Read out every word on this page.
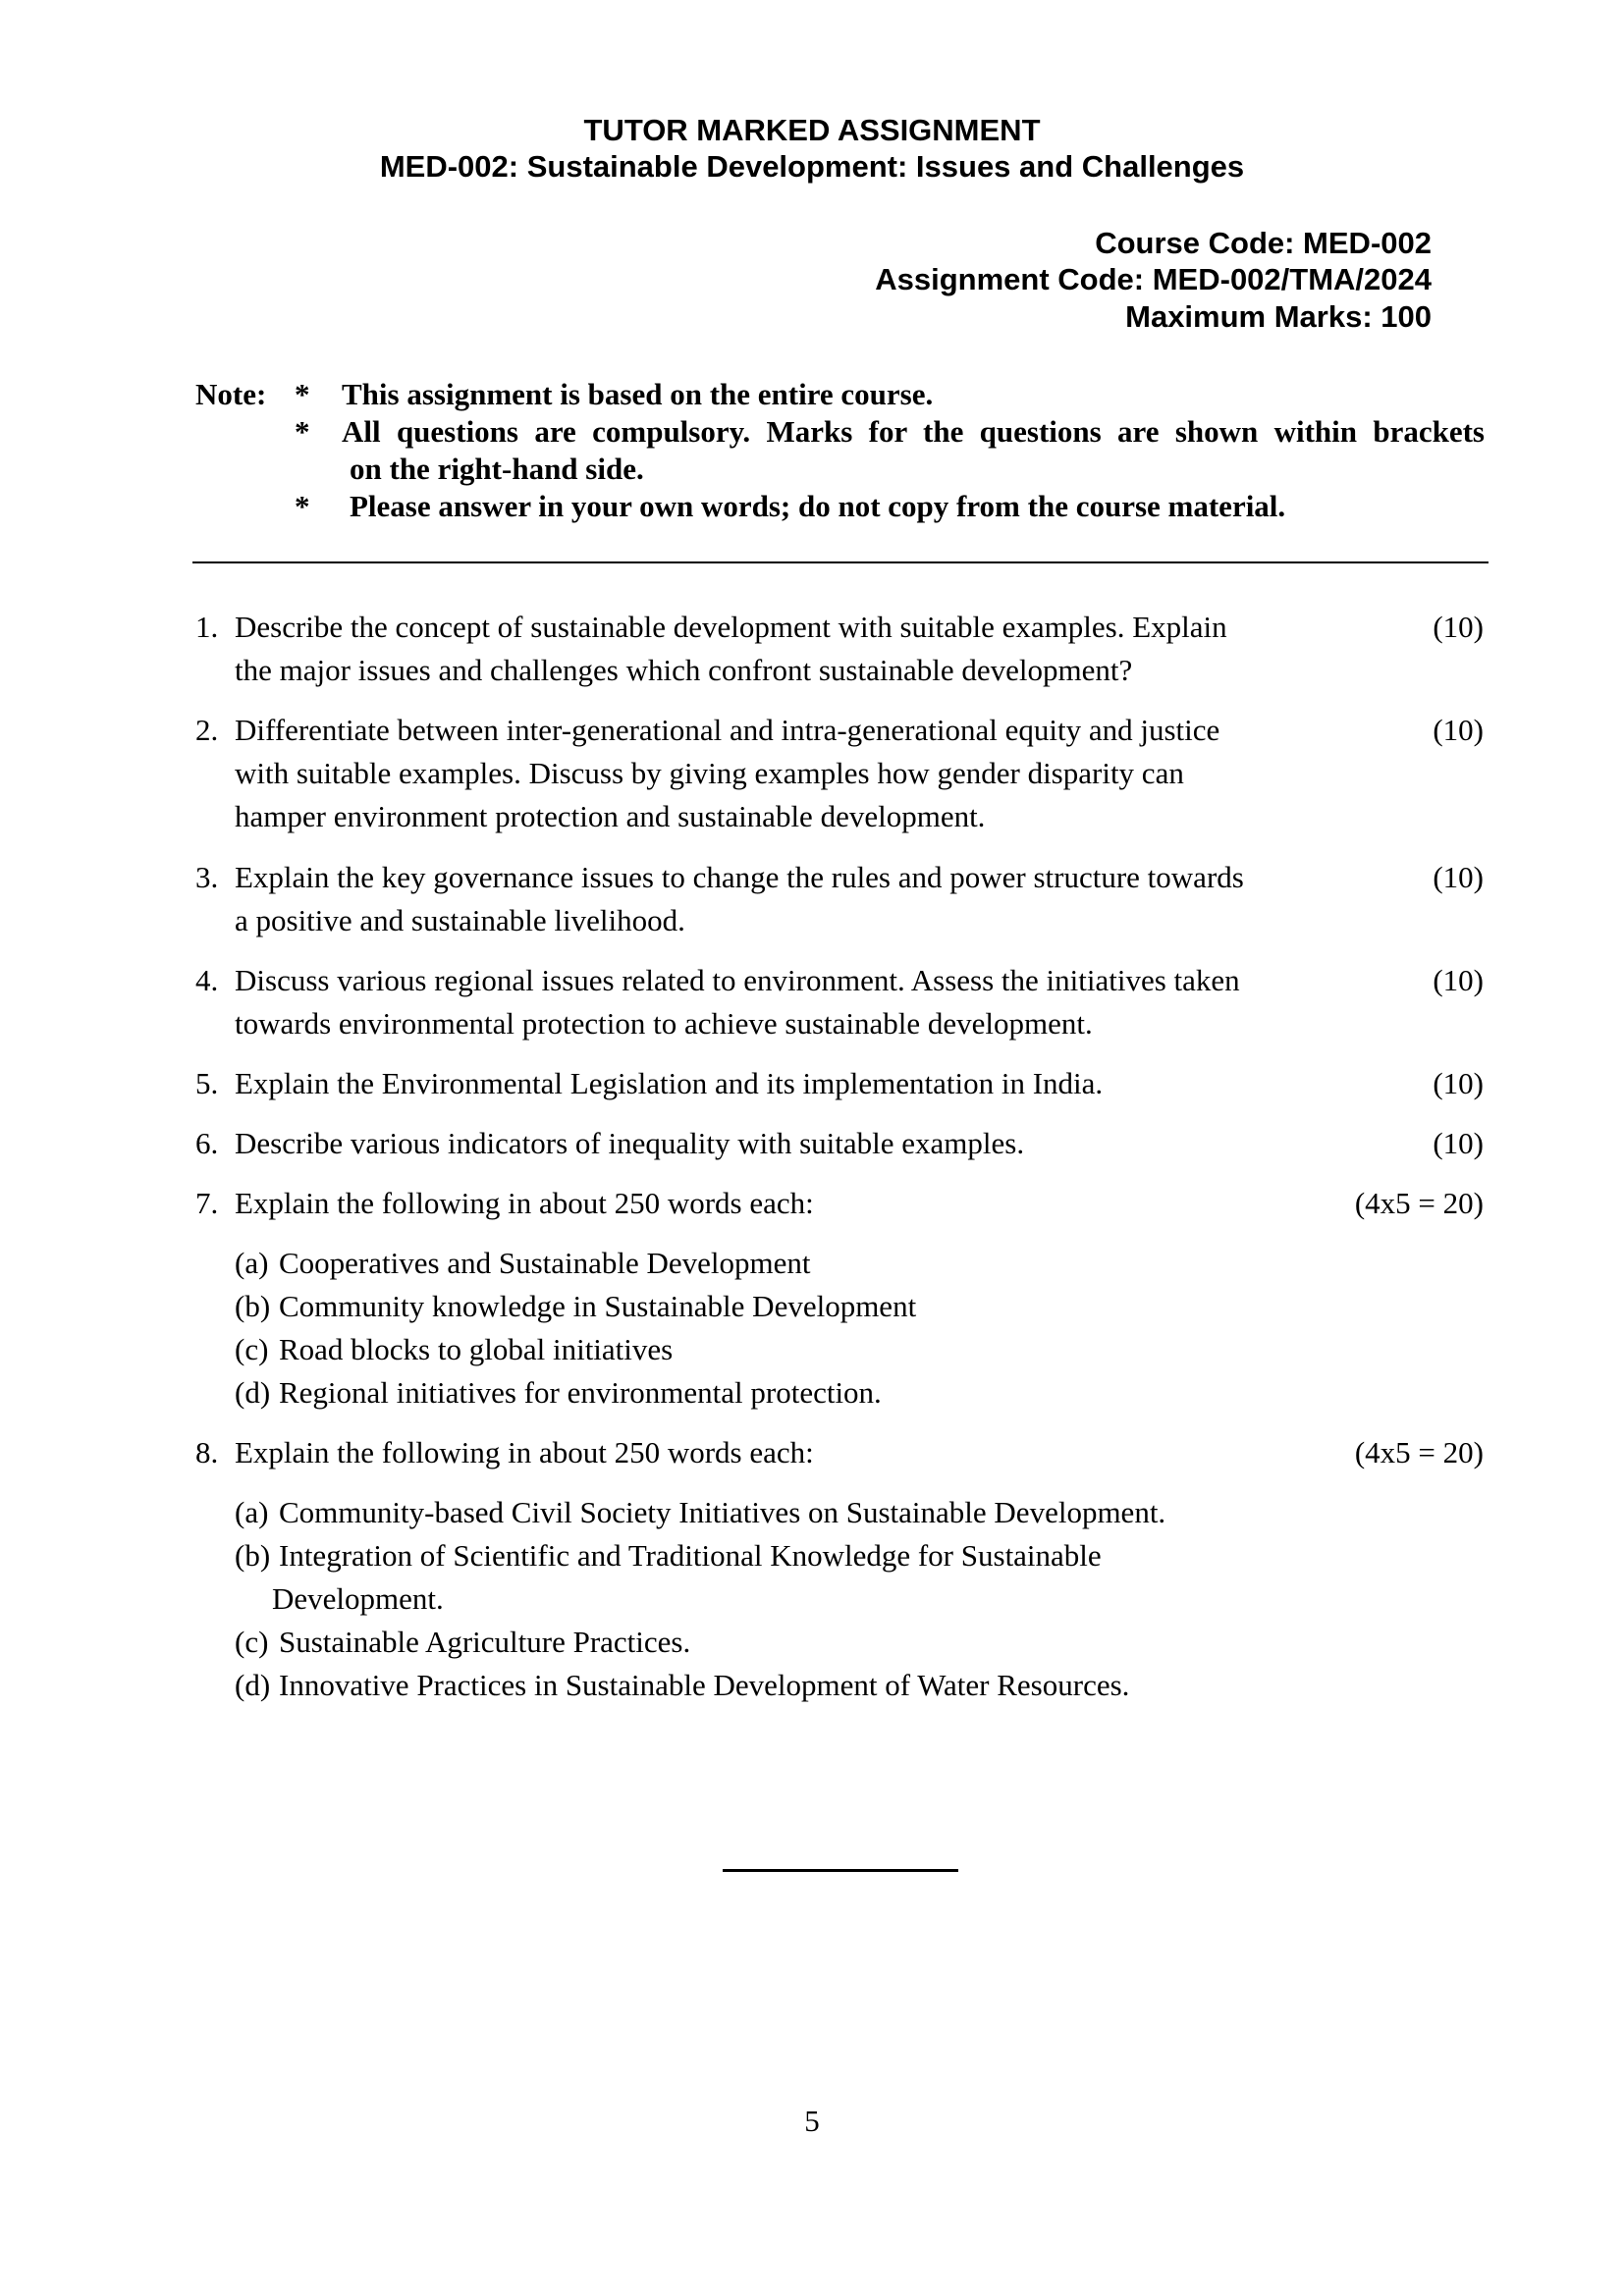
TUTOR MARKED ASSIGNMENT
MED-002: Sustainable Development: Issues and Challenges
Course Code: MED-002
Assignment Code: MED-002/TMA/2024
Maximum Marks: 100
Note: * This assignment is based on the entire course.
* All questions are compulsory. Marks for the questions are shown within brackets
on the right-hand side.
* Please answer in your own words; do not copy from the course material.
1. Describe the concept of sustainable development with suitable examples. Explain
the major issues and challenges which confront sustainable development?
(10)
2. Differentiate between inter-generational and intra-generational equity and justice
with suitable examples. Discuss by giving examples how gender disparity can
hamper environment protection and sustainable development.
(10)
3. Explain the key governance issues to change the rules and power structure towards
a positive and sustainable livelihood.
(10)
4. Discuss various regional issues related to environment. Assess the initiatives taken
towards environmental protection to achieve sustainable development.
(10)
5. Explain the Environmental Legislation and its implementation in India.	(10)
6. Describe various indicators of inequality with suitable examples.	(10)
7. Explain the following in about 250 words each:	(4x5 = 20)
(a) Cooperatives and Sustainable Development
(b) Community knowledge in Sustainable Development
(c) Road blocks to global initiatives
(d) Regional initiatives for environmental protection.
8. Explain the following in about 250 words each:	(4x5 = 20)
(a) Community-based Civil Society Initiatives on Sustainable Development.
(b) Integration of Scientific and Traditional Knowledge for Sustainable
Development.
(c) Sustainable Agriculture Practices.
(d) Innovative Practices in Sustainable Development of Water Resources.
5
